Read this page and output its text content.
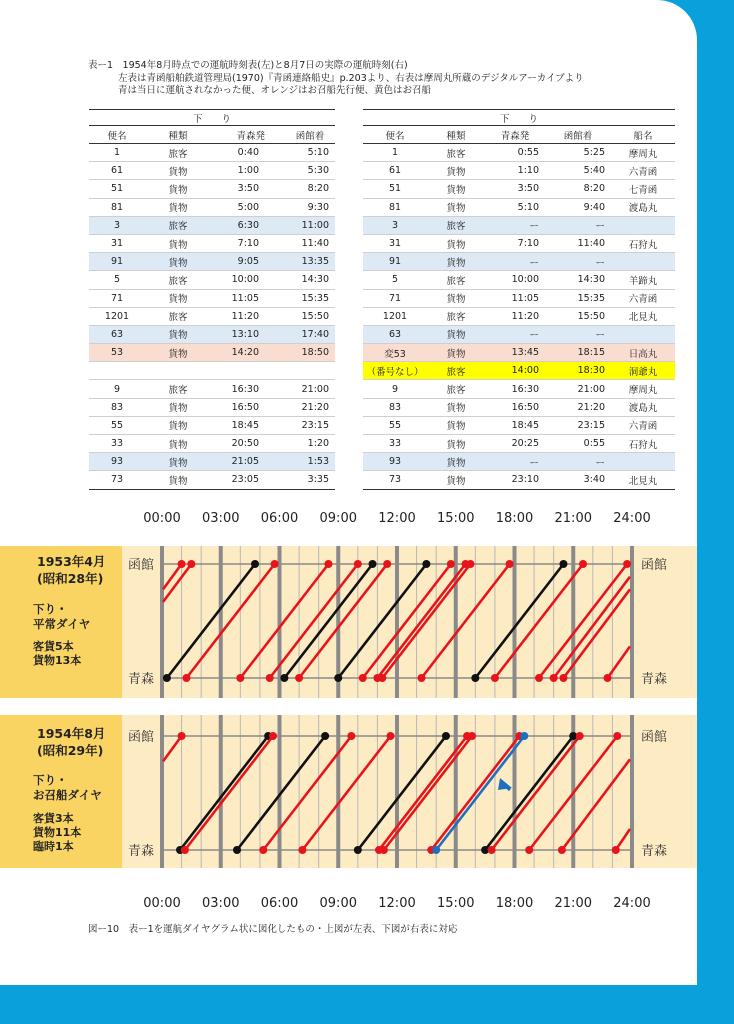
11
表ー1　1954年8月時点での運航時刻表(左)と8月7日の実際の運航時刻(右)
左表は青函船舶鉄道管理局(1970)『青函連絡船史』p.203より、右表は摩周丸所蔵のデジタルアーカイブより
青は当日に運航されなかった便、オレンジはお召船先行便、黄色はお召船
下　　り			
便名	種類	青森発	函館着
1	旅客	0:40	5:10
61	貨物	1:00	5:30
51	貨物	3:50	8:20
81	貨物	5:00	9:30
3	旅客	6:30	11:00
31	貨物	7:10	11:40
91	貨物	9:05	13:35
5	旅客	10:00	14:30
71	貨物	11:05	15:35
1201	旅客	11:20	15:50
63	貨物	13:10	17:40
53	貨物	14:20	18:50

9	旅客	16:30	21:00
83	貨物	16:50	21:20
55	貨物	18:45	23:15
33	貨物	20:50	1:20
93	貨物	21:05	1:53
73	貨物	23:05	3:35
下　　り				
便名	種類	青森発	函館着	船名
1	旅客	0:55	5:25	摩周丸
61	貨物	1:10	5:40	六青函
51	貨物	3:50	8:20	七青函
81	貨物	5:10	9:40	渡島丸
3	旅客	ー	ー	
31	貨物	7:10	11:40	石狩丸
91	貨物	ー	ー	
5	旅客	10:00	14:30	羊蹄丸
71	貨物	11:05	15:35	六青函
1201	旅客	11:20	15:50	北見丸
63	貨物	ー	ー	
変53	貨物	13:45	18:15	日高丸
（番号なし）	旅客	14:00	18:30	洞爺丸
9	旅客	16:30	21:00	摩周丸
83	貨物	16:50	21:20	渡島丸
55	貨物	18:45	23:15	六青函
33	貨物	20:25	0:55	石狩丸
93	貨物	ー	ー	
73	貨物	23:10	3:40	北見丸
1953年4月
(昭和28年)
下り・
平常ダイヤ
客貨5本
貨物13本
1954年8月
(昭和29年)
下り・
お召船ダイヤ
客貨3本
貨物11本
臨時1本
00:00
00:00
03:00
03:00
06:00
06:00
09:00
09:00
12:00
12:00
15:00
15:00
18:00
18:00
21:00
21:00
24:00
24:00
函館
青森
函館
青森
函館
青森
函館
青森
図ー10　表ー1を運航ダイヤグラム状に図化したもの・上図が左表、下図が右表に対応
